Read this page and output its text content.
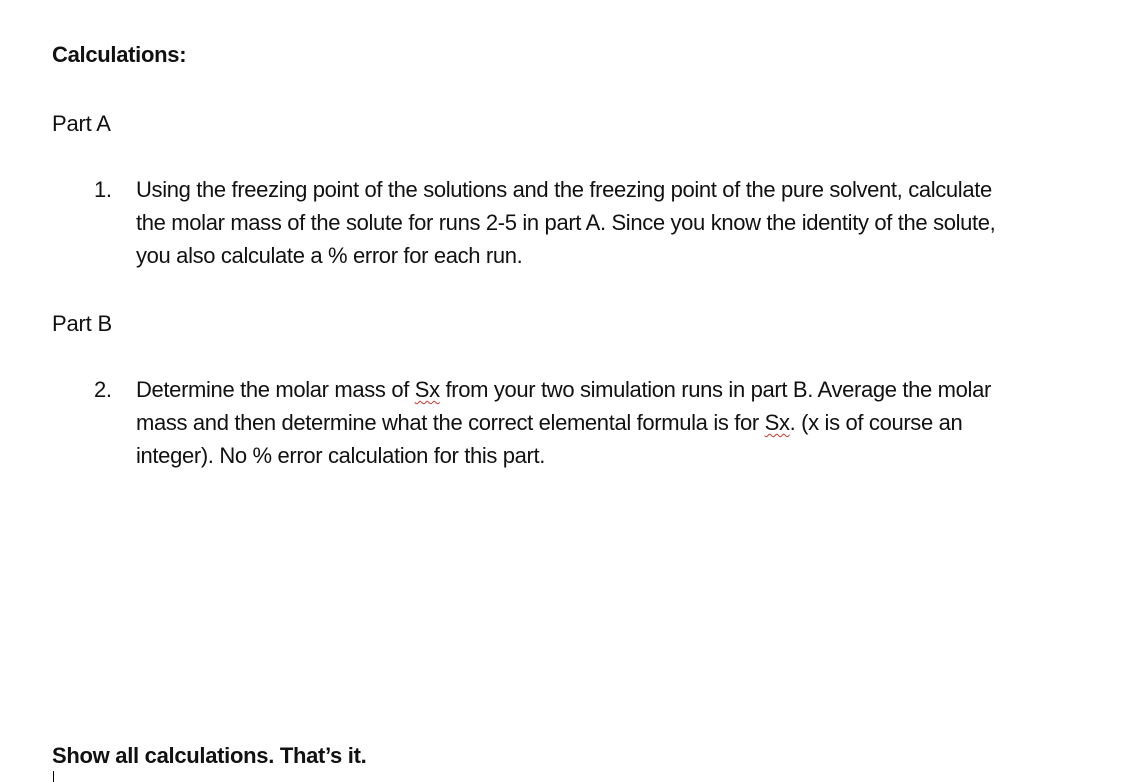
Calculations:
Part A
1.	Using the freezing point of the solutions and the freezing point of the pure solvent, calculate
the molar mass of the solute for runs 2-5 in part A. Since you know the identity of the solute,
you also calculate a % error for each run.
Part B
2.	Determine the molar mass of Sx from your two simulation runs in part B. Average the molar
mass and then determine what the correct elemental formula is for Sx. (x is of course an
integer). No % error calculation for this part.
Show all calculations. That’s it.
